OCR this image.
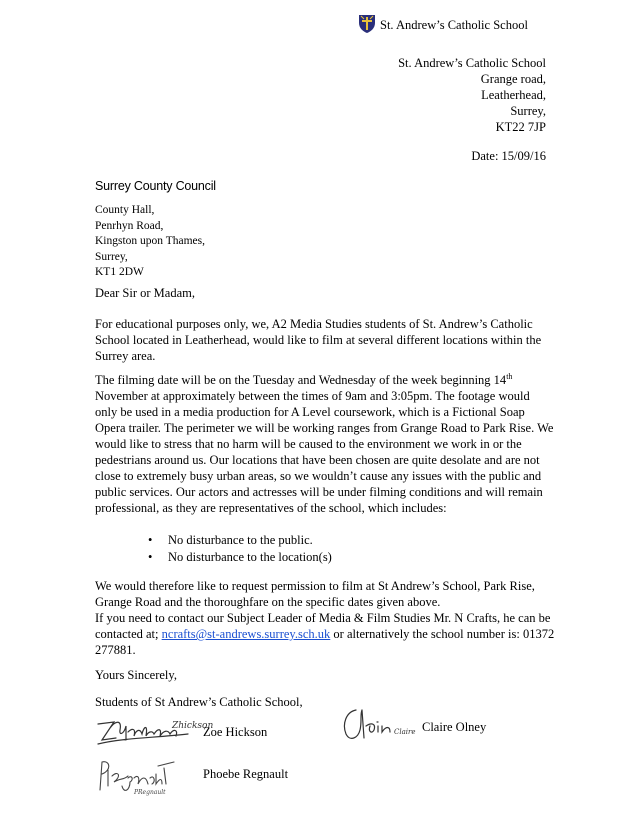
St. Andrew’s Catholic School
St. Andrew’s Catholic School
Grange road,
Leatherhead,
Surrey,
KT22 7JP
Date: 15/09/16
Surrey County Council
County Hall,
Penrhyn Road,
Kingston upon Thames,
Surrey,
KT1 2DW
Dear Sir or Madam,
For educational purposes only, we, A2 Media Studies students of St. Andrew’s Catholic School located in Leatherhead, would like to film at several different locations within the Surrey area.
The filming date will be on the Tuesday and Wednesday of the week beginning 14th November at approximately between the times of 9am and 3:05pm. The footage would only be used in a media production for A Level coursework, which is a Fictional Soap Opera trailer. The perimeter we will be working ranges from Grange Road to Park Rise. We would like to stress that no harm will be caused to the environment we work in or the pedestrians around us. Our locations that have been chosen are quite desolate and are not close to extremely busy urban areas, so we wouldn’t cause any issues with the public and public services. Our actors and actresses will be under filming conditions and will remain professional, as they are representatives of the school, which includes:
• No disturbance to the public.
• No disturbance to the location(s)
We would therefore like to request permission to film at St Andrew’s School, Park Rise, Grange Road and the thoroughfare on the specific dates given above.
If you need to contact our Subject Leader of Media & Film Studies Mr. N Crafts, he can be contacted at; ncrafts@st-andrews.surrey.sch.uk or alternatively the school number is: 01372 277881.
Yours Sincerely,
Students of St Andrew’s Catholic School,
Zhickson
Zoe Hickson	Claire Claire Olney
PRegnault
Phoebe Regnault
